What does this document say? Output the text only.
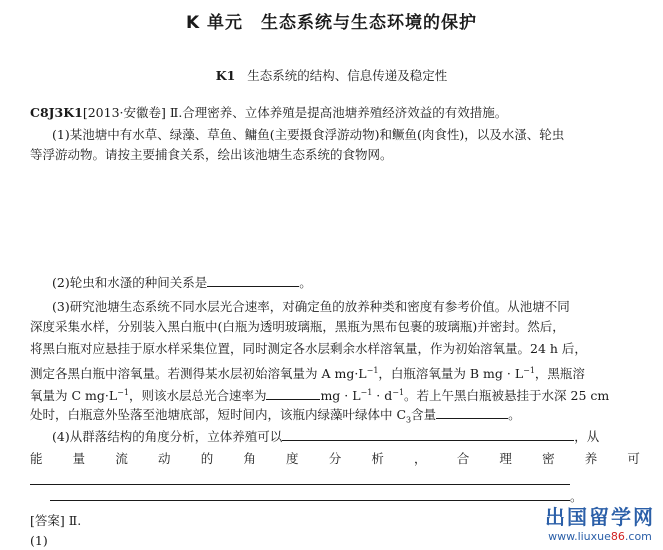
K 单元　生态系统与生态环境的保护
K1 生态系统的结构、信息传递及稳定性
C8J3K1[2013·安徽卷] Ⅱ.合理密养、立体养殖是提高池塘养殖经济效益的有效措施。
(1)某池塘中有水草、绿藻、草鱼、鳙鱼(主要摄食浮游动物)和鳜鱼(肉食性)，以及水溞、轮虫
等浮游动物。请按主要捕食关系，绘出该池塘生态系统的食物网。
(2)轮虫和水溞的种间关系是	。
(3)研究池塘生态系统不同水层光合速率，对确定鱼的放养种类和密度有参考价值。从池塘不同
深度采集水样，分别装入黑白瓶中(白瓶为透明玻璃瓶，黑瓶为黑布包裹的玻璃瓶)并密封。然后，
将黑白瓶对应悬挂于原水样采集位置，同时测定各水层剩余水样溶氧量，作为初始溶氧量。24 h 后，
测定各黑白瓶中溶氧量。若测得某水层初始溶氧量为 A $mg\cdot L^{-1}$，白瓶溶氧量为 B mg · $L^{-1}$，黑瓶溶
氧量为 C $mg\cdot L^{-1}$，则该水层总光合速率为	mg · $L^{-1} \cdot d^{-1}$。若上午黑白瓶被悬挂于水深 25 cm
处时，白瓶意外坠落至池塘底部，短时间内，该瓶内绿藻叶绿体中 $C_3$含量	。
(4)从群落结构的角度分析，立体养殖可以	，从
能 量 流 动 的 角 度 分 析 ， 合 理 密 养 可
。
[答案] Ⅱ.
(1)
出国留学网
www.liuxue86.com
